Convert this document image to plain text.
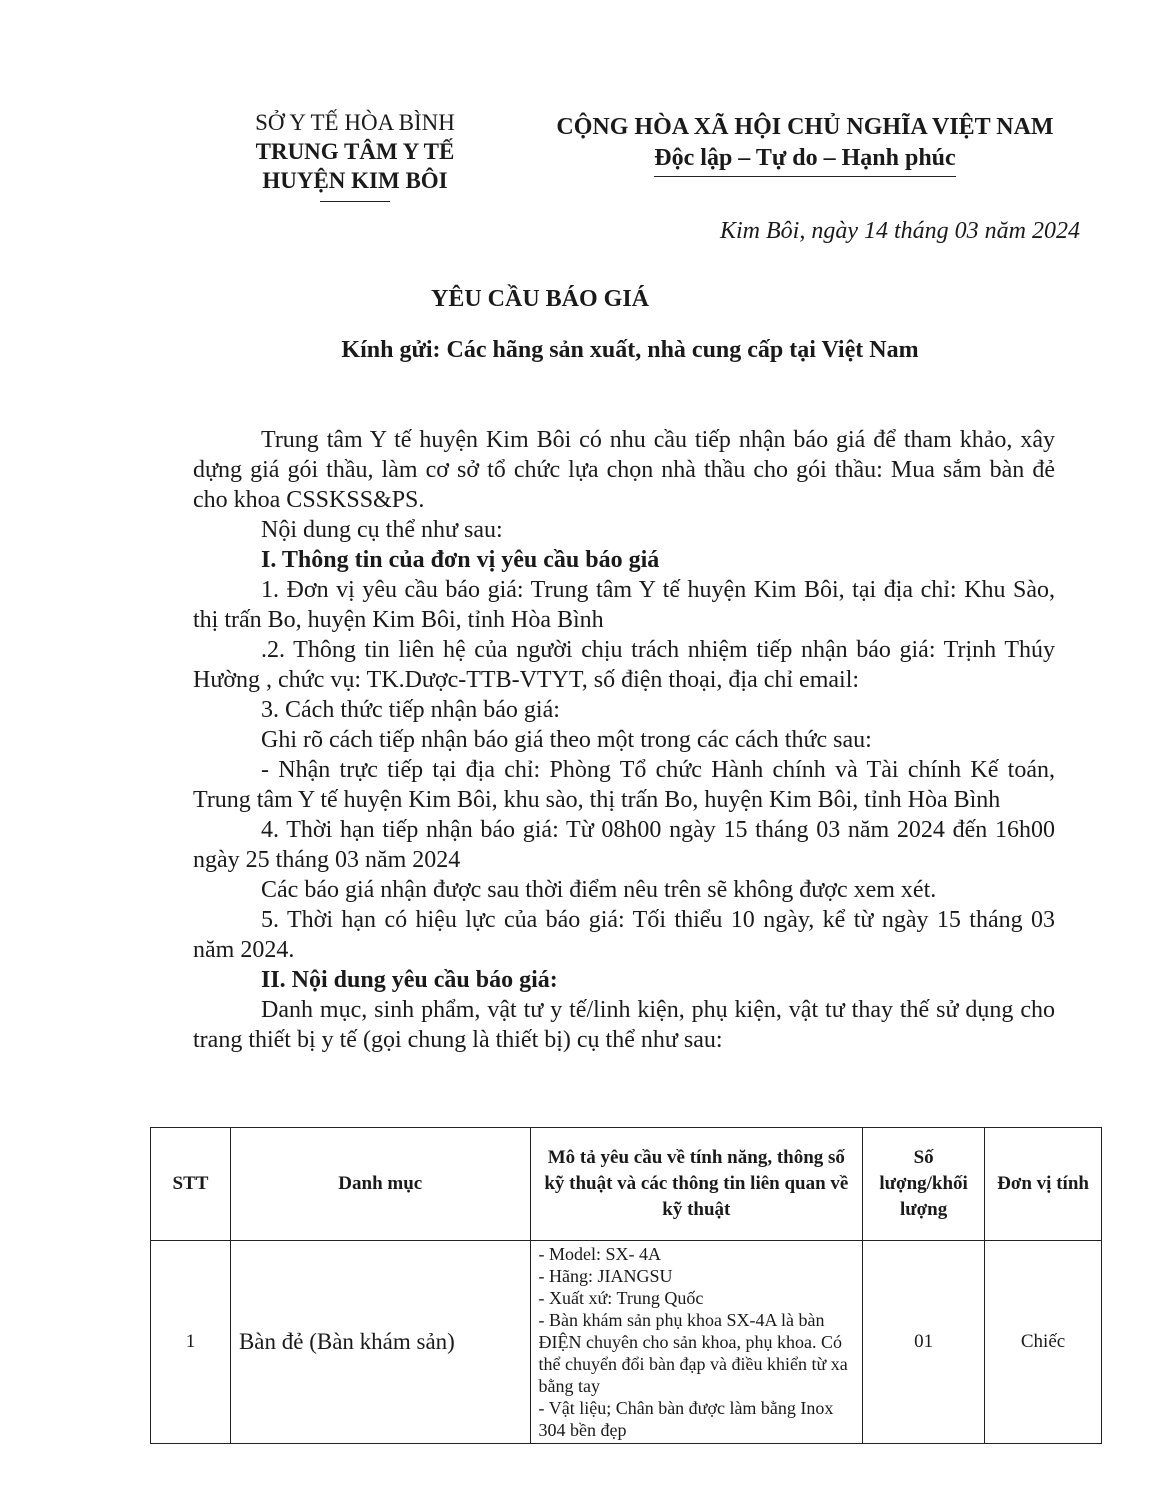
SỞ Y TẾ HÒA BÌNH
TRUNG TÂM Y TẾ
HUYỆN KIM BÔI
CỘNG HÒA XÃ HỘI CHỦ NGHĨA VIỆT NAM
Độc lập – Tự do – Hạnh phúc
Kim Bôi, ngày 14 tháng 03 năm 2024
YÊU CẦU BÁO GIÁ
Kính gửi: Các hãng sản xuất, nhà cung cấp tại Việt Nam

Trung tâm Y tế huyện Kim Bôi có nhu cầu tiếp nhận báo giá để tham khảo, xây dựng giá gói thầu, làm cơ sở tổ chức lựa chọn nhà thầu cho gói thầu: Mua sắm bàn đẻ cho khoa CSSKSS&PS.

Nội dung cụ thể như sau:

I. Thông tin của đơn vị yêu cầu báo giá

1. Đơn vị yêu cầu báo giá: Trung tâm Y tế huyện Kim Bôi, tại địa chỉ: Khu Sào, thị trấn Bo, huyện Kim Bôi, tỉnh Hòa Bình

.2. Thông tin liên hệ của người chịu trách nhiệm tiếp nhận báo giá: Trịnh Thúy Hường , chức vụ: TK.Dược-TTB-VTYT, số điện thoại, địa chỉ email:

3. Cách thức tiếp nhận báo giá:

Ghi rõ cách tiếp nhận báo giá theo một trong các cách thức sau:

- Nhận trực tiếp tại địa chỉ: Phòng Tổ chức Hành chính và Tài chính Kế toán, Trung tâm Y tế huyện Kim Bôi, khu sào, thị trấn Bo, huyện Kim Bôi, tỉnh Hòa Bình

4. Thời hạn tiếp nhận báo giá: Từ 08h00 ngày 15 tháng 03 năm 2024 đến 16h00 ngày 25 tháng 03 năm 2024

Các báo giá nhận được sau thời điểm nêu trên sẽ không được xem xét.

5. Thời hạn có hiệu lực của báo giá: Tối thiểu 10 ngày, kể từ ngày 15 tháng 03 năm 2024.

II. Nội dung yêu cầu báo giá:

Danh mục, sinh phẩm, vật tư y tế/linh kiện, phụ kiện, vật tư thay thế sử dụng cho trang thiết bị y tế (gọi chung là thiết bị) cụ thể như sau:

STT	Danh mục	Mô tả yêu cầu về tính năng, thông số kỹ thuật và các thông tin liên quan về kỹ thuật	Số lượng/khối lượng	Đơn vị tính
1	Bàn đẻ (Bàn khám sản)	- Model: SX- 4A
- Hãng: JIANGSU
- Xuất xứ: Trung Quốc
- Bàn khám sản phụ khoa SX-4A là bàn ĐIỆN chuyên cho sản khoa, phụ khoa. Có thể chuyển đổi bàn đạp và điều khiển từ xa bằng tay
- Vật liệu; Chân bàn được làm bằng Inox 304 bền đẹp	01	Chiếc
